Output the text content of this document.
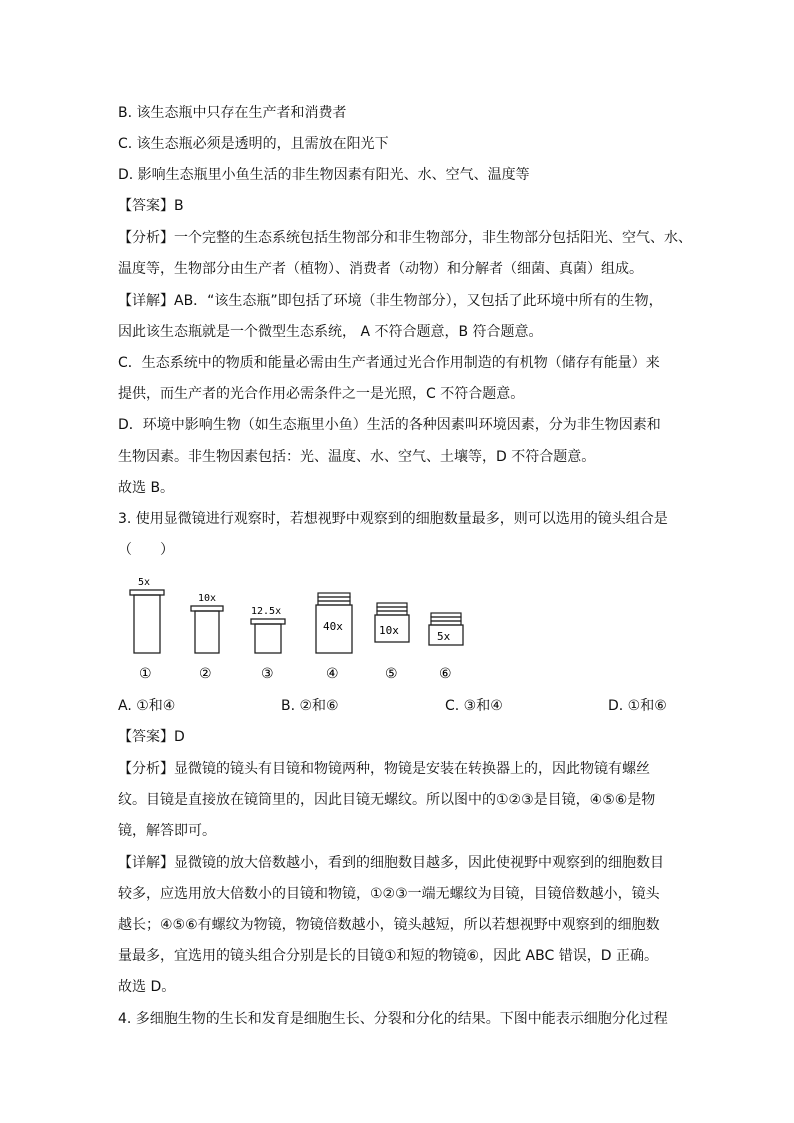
B. 该生态瓶中只存在生产者和消费者
C. 该生态瓶必须是透明的，且需放在阳光下
D. 影响生态瓶里小鱼生活的非生物因素有阳光、水、空气、温度等
【答案】B
【分析】一个完整的生态系统包括生物部分和非生物部分，非生物部分包括阳光、空气、水、
温度等，生物部分由生产者（植物）、消费者（动物）和分解者（细菌、真菌）组成。
【详解】AB．“该生态瓶”即包括了环境（非生物部分），又包括了此环境中所有的生物，
因此该生态瓶就是一个微型生态系统， A 不符合题意，B 符合题意。
C．生态系统中的物质和能量必需由生产者通过光合作用制造的有机物（储存有能量）来
提供，而生产者的光合作用必需条件之一是光照，C 不符合题意。
D．环境中影响生物（如生态瓶里小鱼）生活的各种因素叫环境因素，分为非生物因素和
生物因素。非生物因素包括：光、温度、水、空气、土壤等，D 不符合题意。
故选 B。
3. 使用显微镜进行观察时，若想视野中观察到的细胞数量最多，则可以选用的镜头组合是
（　　）
5x
①
10x
②
12.5x
③
40x
④
10x
⑤
5x
⑥
A. ①和④	B. ②和⑥	C. ③和④	D. ①和⑥
【答案】D
【分析】显微镜的镜头有目镜和物镜两种，物镜是安装在转换器上的，因此物镜有螺丝
纹。目镜是直接放在镜筒里的，因此目镜无螺纹。所以图中的①②③是目镜，④⑤⑥是物
镜，解答即可。
【详解】显微镜的放大倍数越小，看到的细胞数目越多，因此使视野中观察到的细胞数目
较多，应选用放大倍数小的目镜和物镜，①②③一端无螺纹为目镜，目镜倍数越小，镜头
越长；④⑤⑥有螺纹为物镜，物镜倍数越小，镜头越短，所以若想视野中观察到的细胞数
量最多，宜选用的镜头组合分别是长的目镜①和短的物镜⑥，因此 ABC 错误，D 正确。
故选 D。
4. 多细胞生物的生长和发育是细胞生长、分裂和分化的结果。下图中能表示细胞分化过程
